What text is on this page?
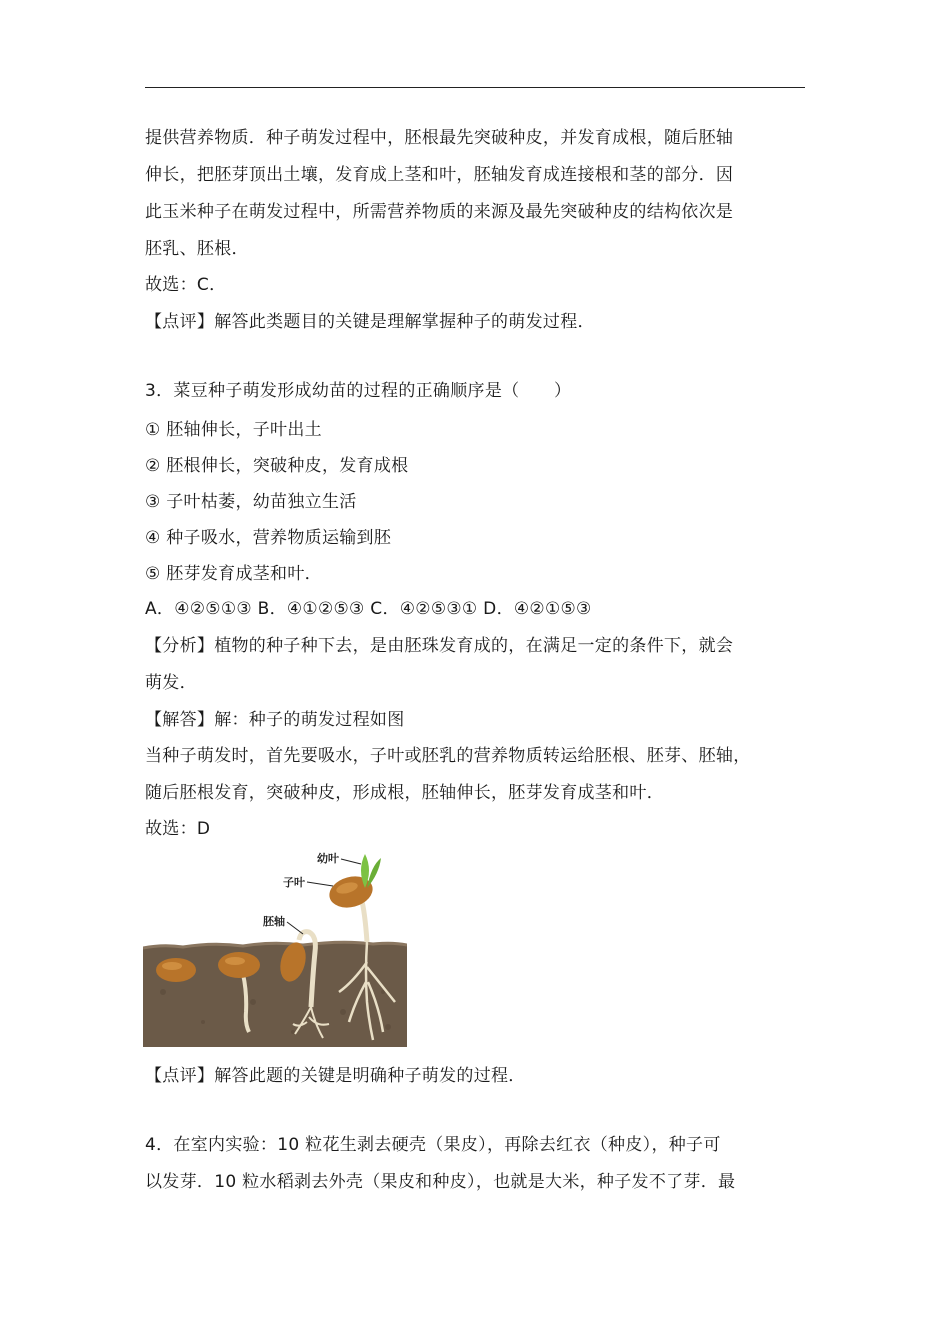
提供营养物质．种子萌发过程中，胚根最先突破种皮，并发育成根，随后胚轴
伸长，把胚芽顶出土壤，发育成上茎和叶，胚轴发育成连接根和茎的部分．因
此玉米种子在萌发过程中，所需营养物质的来源及最先突破种皮的结构依次是
胚乳、胚根．
故选：C．
【点评】解答此类题目的关键是理解掌握种子的萌发过程．
3．菜豆种子萌发形成幼苗的过程的正确顺序是（　　）
① 胚轴伸长，子叶出土
② 胚根伸长，突破种皮，发育成根
③ 子叶枯萎，幼苗独立生活
④ 种子吸水，营养物质运输到胚
⑤ 胚芽发育成茎和叶．
A．④②⑤①③ B．④①②⑤③ C．④②⑤③① D．④②①⑤③
【分析】植物的种子种下去，是由胚珠发育成的，在满足一定的条件下，就会
萌发．
【解答】解：种子的萌发过程如图
当种子萌发时，首先要吸水，子叶或胚乳的营养物质转运给胚根、胚芽、胚轴，
随后胚根发育，突破种皮，形成根，胚轴伸长，胚芽发育成茎和叶．
故选：D
【点评】解答此题的关键是明确种子萌发的过程．
4．在室内实验：10 粒花生剥去硬壳（果皮），再除去红衣（种皮），种子可
以发芽．10 粒水稻剥去外壳（果皮和种皮），也就是大米，种子发不了芽．最
幼叶
子叶
胚轴
